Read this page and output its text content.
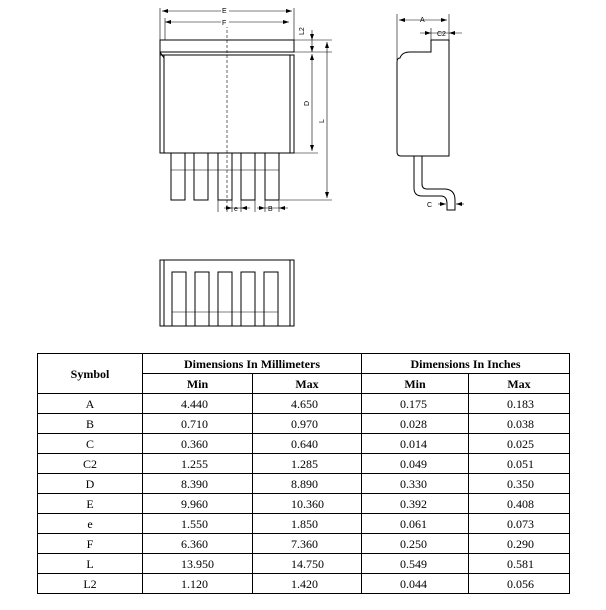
E
F
L2
D
L
e	B
A
C2
C
Symbol	Dimensions In Millimeters		Dimensions In Inches	
	Min	Max	Min	Max
A	4.440	4.650	0.175	0.183
B	0.710	0.970	0.028	0.038
C	0.360	0.640	0.014	0.025
C2	1.255	1.285	0.049	0.051
D	8.390	8.890	0.330	0.350
E	9.960	10.360	0.392	0.408
e	1.550	1.850	0.061	0.073
F	6.360	7.360	0.250	0.290
L	13.950	14.750	0.549	0.581
L2	1.120	1.420	0.044	0.056
